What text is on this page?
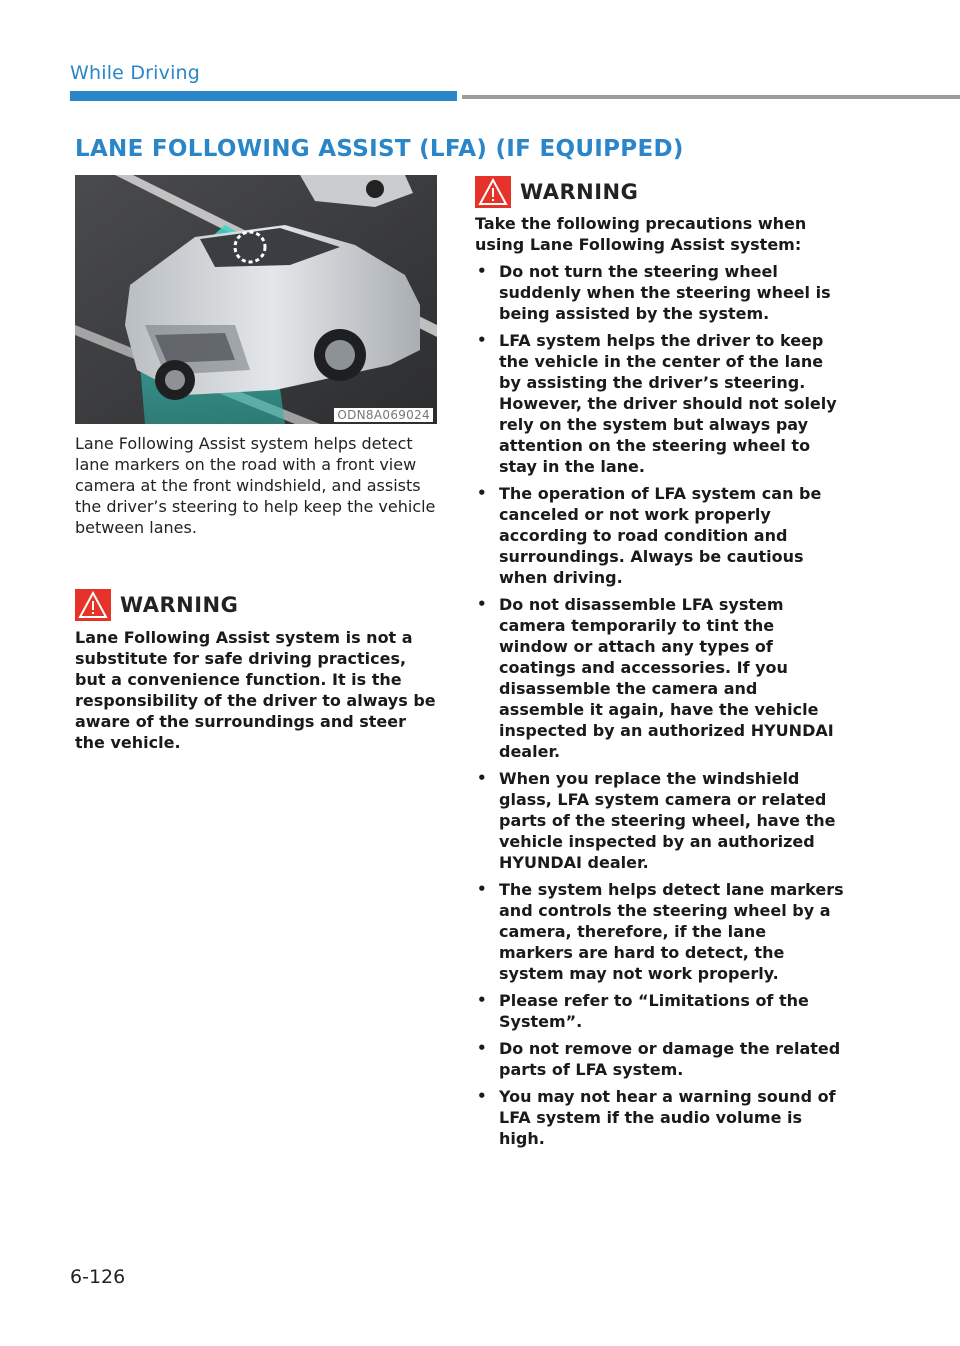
While Driving
LANE FOLLOWING ASSIST (LFA) (IF EQUIPPED)
ODN8A069024

Lane Following Assist system helps detect lane markers on the road with a front view camera at the front windshield, and assists the driver’s steering to help keep the vehicle between lanes.

WARNING

Lane Following Assist system is not a substitute for safe driving practices, but a convenience function. It is the responsibility of the driver to always be aware of the surroundings and steer the vehicle.

WARNING

Take the following precautions when using Lane Following Assist system:

• Do not turn the steering wheel suddenly when the steering wheel is being assisted by the system.
• LFA system helps the driver to keep the vehicle in the center of the lane by assisting the driver’s steering. However, the driver should not solely rely on the system but always pay attention on the steering wheel to stay in the lane.
• The operation of LFA system can be canceled or not work properly according to road condition and surroundings. Always be cautious when driving.
• Do not disassemble LFA system camera temporarily to tint the window or attach any types of coatings and accessories. If you disassemble the camera and assemble it again, have the vehicle inspected by an authorized HYUNDAI dealer.
• When you replace the windshield glass, LFA system camera or related parts of the steering wheel, have the vehicle inspected by an authorized HYUNDAI dealer.
• The system helps detect lane markers and controls the steering wheel by a camera, therefore, if the lane markers are hard to detect, the system may not work properly.
• Please refer to “Limitations of the System”.
• Do not remove or damage the related parts of LFA system.
• You may not hear a warning sound of LFA system if the audio volume is high.
6-126
